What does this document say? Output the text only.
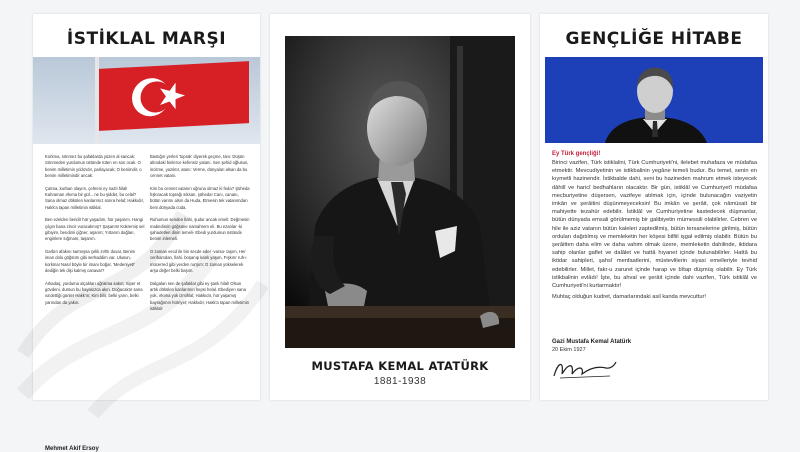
İSTİKLAL MARŞI
Korkma, sönmez bu şafaklarda yüzen al sancak; Sönmeden yurdumun üstünde tüten en son ocak. O benim milletimin yıldızıdır, parlayacak; O benimdir, o benim milletimindir ancak.
Çatma, kurban olayım, çehreni ey nazlı hilal! Kahraman ırkıma bir gül... ne bu şiddet, bu celal? Sana olmaz dökülen kanlarımız sonra helal; Hakkıdır, Hakk'a tapan milletimin istiklal.
Ben ezelden beridir hür yaşadım, hür yaşarım. Hangi çılgın bana zincir vuracakmış? Şaşarım! Kükremiş sel gibiyim, bendimi çiğner, aşarım; Yırtarım dağları, enginlere sığmam, taşarım.
Garbın afakını sarmışsa çelik zırhlı duvar, Benim iman dolu göğsüm gibi serhaddim var. Ulusun, korkma! Nasıl böyle bir imanı boğar, 'Medeniyet!' dediğin tek dişi kalmış canavar?
Arkadaş, yurduma alçakları uğratma sakın; Siper et gövdeni, dursun bu hayasızca akın. Doğacaktır sana va'dettiği günler Hakk'ın; Kim bilir, belki yarın, belki yarından da yakın.
Bastığın yerleri 'toprak' diyerek geçme, tanı: Düşün altındaki binlerce kefensiz yatanı. Sen şehid oğlusun, incitme, yazıktır, atanı: Verme, dünyaları alsan da bu cennet vatanı.
Kim bu cennet vatanın uğruna olmaz ki feda? Şüheda fışkıracak toprağı sıksan, şüheda! Canı, cananı, bütün varımı alsın da Huda, Etmesin tek vatanımdan beni dünyada cüda.
Ruhumun senden İlahi, şudur ancak emeli: Değmesin mabedimin göğsüne namahrem eli. Bu ezanlar -ki şahadetleri dinin temeli- Ebedi yurdumun üstünde benim inlemeli.
O zaman vecd ile bin secde eder -varsa- taşım, Her cerihamdan, İlahi, boşanıp kanlı yaşım, Fışkırır ruh-ı mücerred gibi yerden na'şım; O zaman yükselerek arşa değer belki başım.
Dalgalan sen de şafaklar gibi ey şanlı hilal! Olsun artık dökülen kanlarımın hepsi helal. Ebediyen sana yok, ırkıma yok izmihlal; Hakkıdır, hür yaşamış bayrağımın hürriyet; Hakkıdır, Hakk'a tapan milletimin istiklal!
Mehmet Akif Ersoy
MUSTAFA KEMAL ATATÜRK
1881-1938
GENÇLİĞE HİTABE
Ey Türk gençliği!
Birinci vazifen, Türk istiklalini, Türk Cumhuriyeti'ni, ilelebet muhafaza ve müdafaa etmektir. Mevcudiyetinin ve istikbalinin yegâne temeli budur. Bu temel, senin en kıymetli hazinendir. İstikbalde dahi, seni bu hazineden mahrum etmek isteyecek dâhilî ve haricî bedhahların olacaktır. Bir gün, istiklâl ve Cumhuriyet'i müdafaa mecburiyetine düşersen, vazifeye atılmak için, içinde bulunacağın vaziyetin imkân ve şerâitini düşünmeyeceksin! Bu imkân ve şerâit, çok nâmüsait bir mahiyette tezahür edebilir. İstiklâl ve Cumhuriyetine kastedecek düşmanlar, bütün dünyada emsali görülmemiş bir galibiyetin mümessili olabilirler. Cebren ve hile ile aziz vatanın bütün kaleleri zaptedilmiş, bütün tersanelerine girilmiş, bütün orduları dağıtılmış ve memleketin her köşesi bilfiil işgal edilmiş olabilir. Bütün bu şerâitten daha elim ve daha vahim olmak üzere, memleketin dahilinde, iktidara sahip olanlar gaflet ve dalâlet ve hattâ hıyanet içinde bulunabilirler. Hattâ bu iktidar sahipleri, şahsî menfaatlerini, müstevlilerin siyasi emelleriyle tevhid edebilirler. Millet, fakr-u zaruret içinde harap ve bîtap düşmüş olabilir. Ey Türk istikbalinin evlâdı! İşte, bu ahval ve şerâit içinde dahi vazifen, Türk istiklâl ve Cumhuriyeti'ni kurtarmaktır!
Muhtaç olduğun kudret, damarlarındaki asil kanda mevcuttur!
Gazi Mustafa Kemal Atatürk
20 Ekim 1927
